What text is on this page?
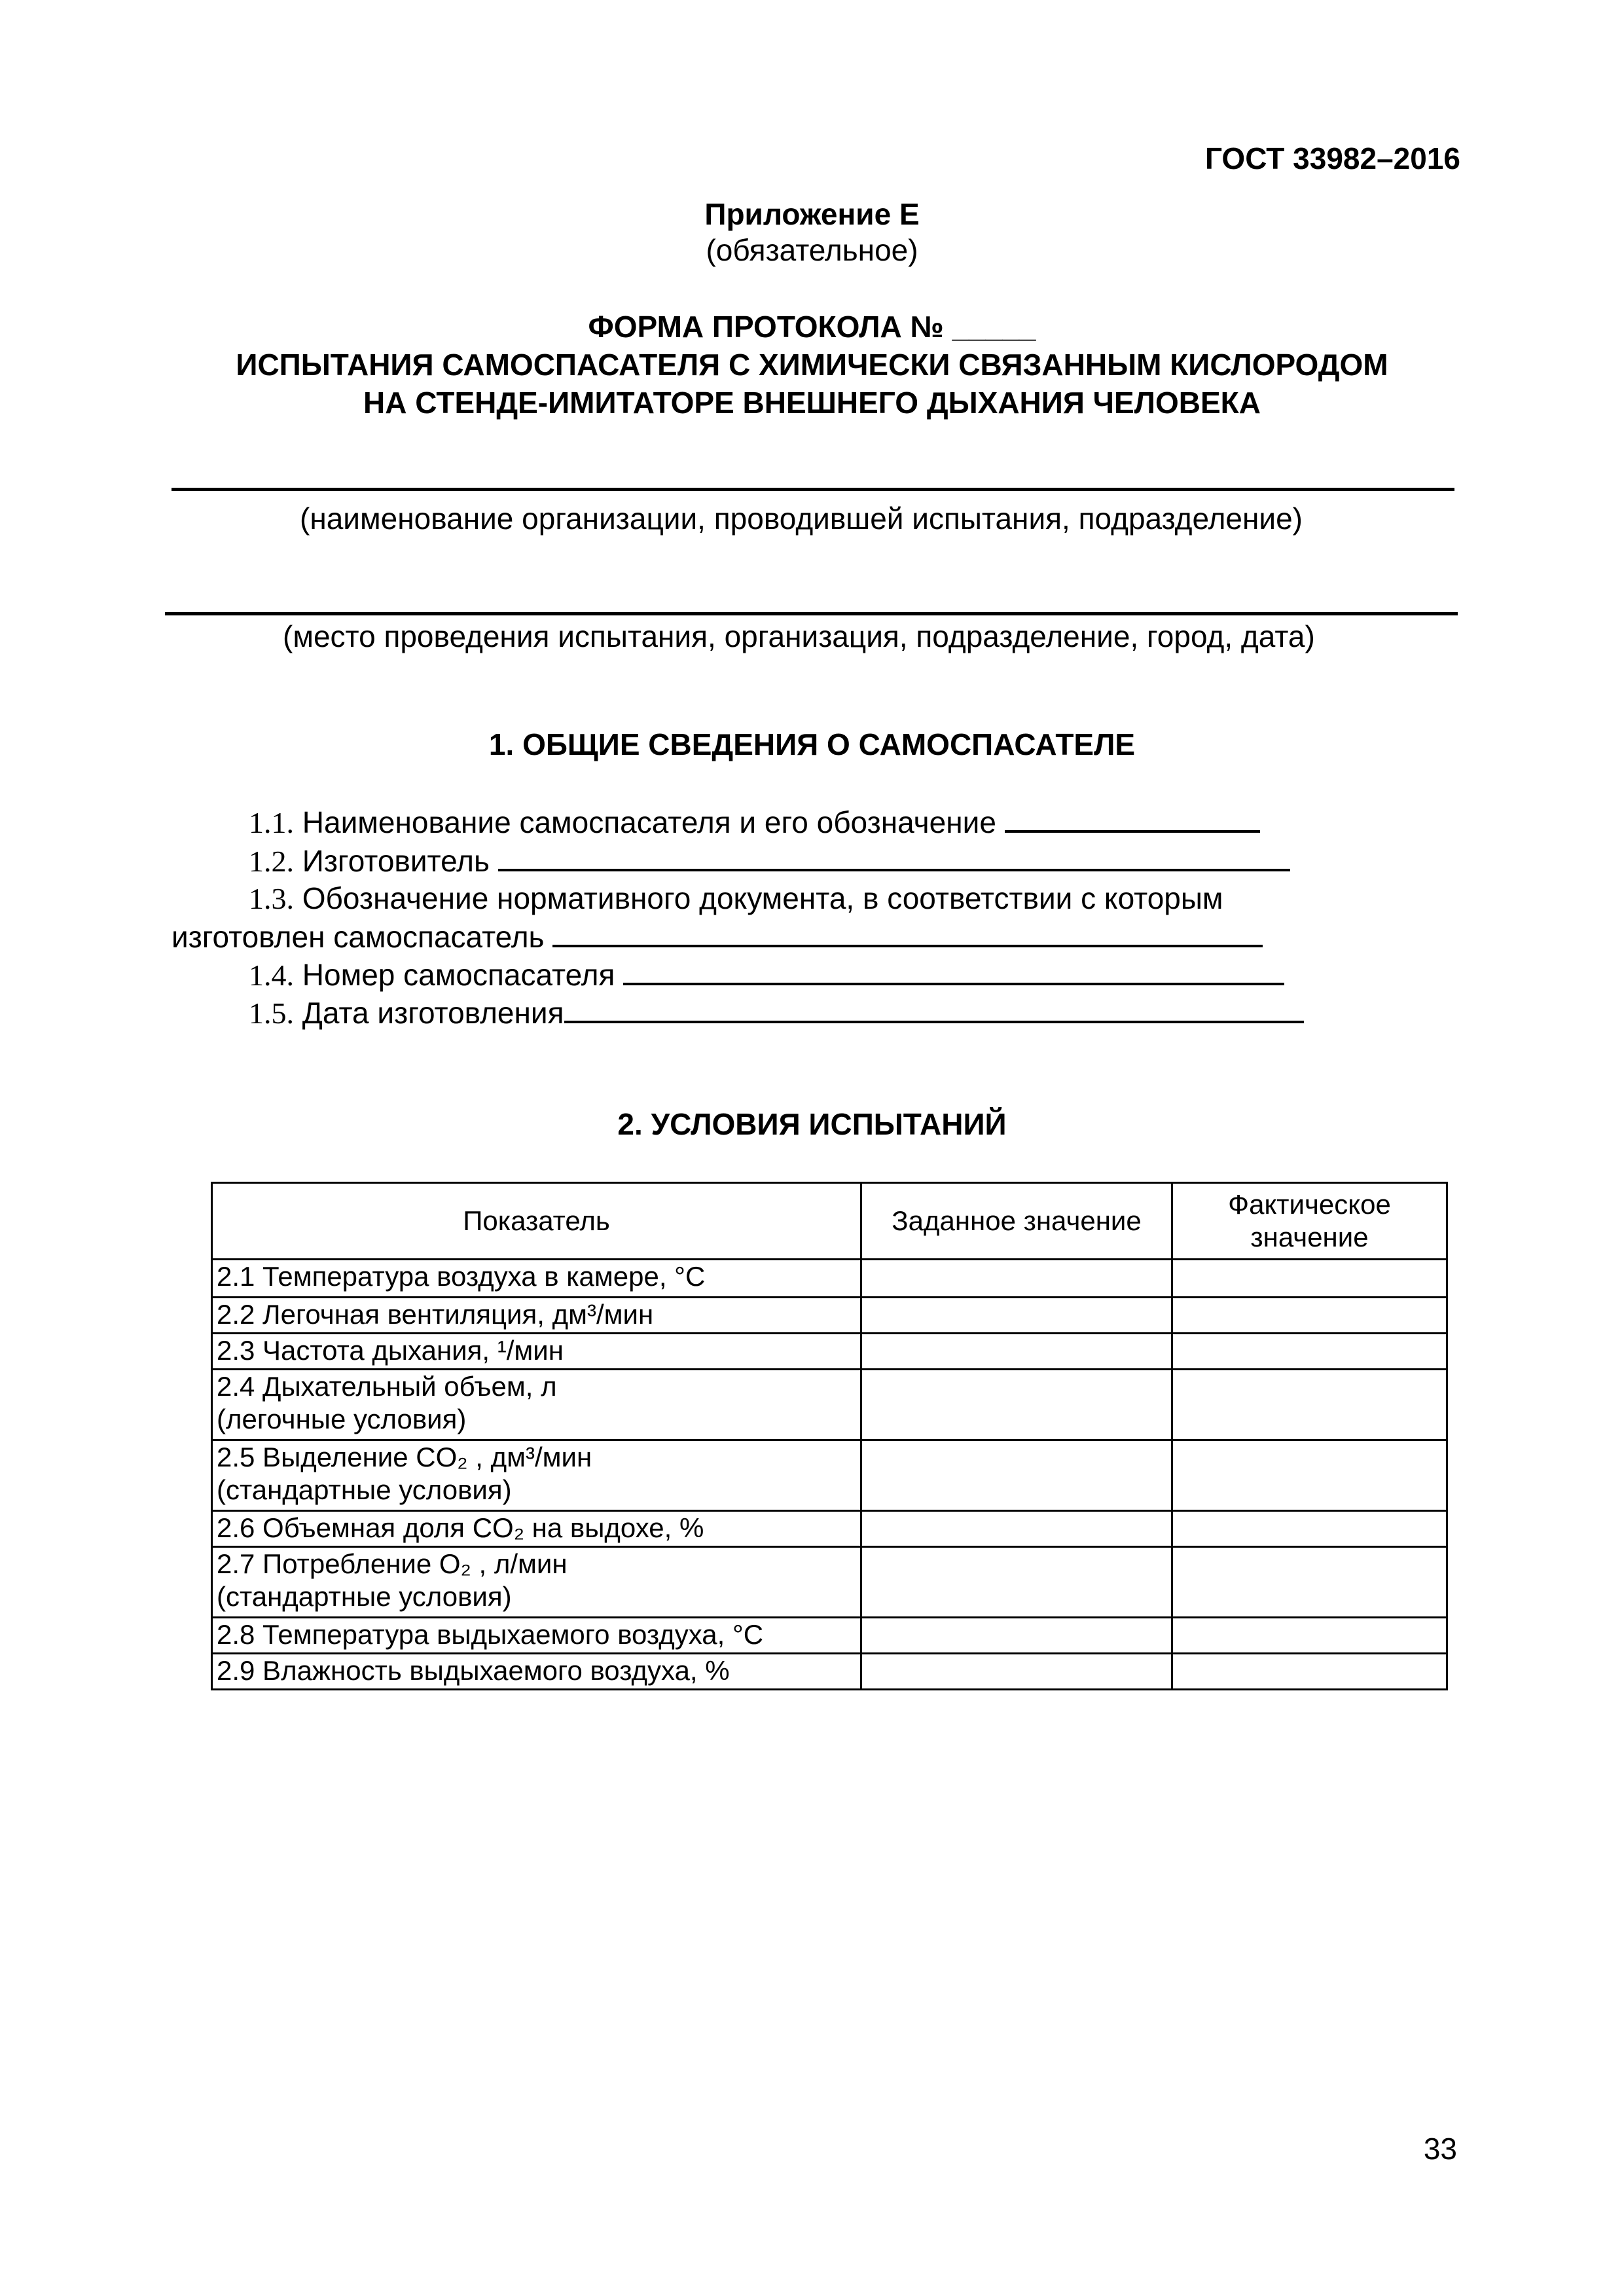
ГОСТ 33982–2016
Приложение Е
(обязательное)
ФОРМА ПРОТОКОЛА № _____
ИСПЫТАНИЯ САМОСПАСАТЕЛЯ С ХИМИЧЕСКИ СВЯЗАННЫМ КИСЛОРОДОМ
НА СТЕНДЕ-ИМИТАТОРЕ ВНЕШНЕГО ДЫХАНИЯ ЧЕЛОВЕКА
(наименование организации, проводившей испытания, подразделение)
(место проведения испытания, организация, подразделение, город, дата)
1. ОБЩИЕ СВЕДЕНИЯ О САМОСПАСАТЕЛЕ
1.1. Наименование самоспасателя и его обозначение
1.2. Изготовитель
1.3. Обозначение нормативного документа, в соответствии с которым
изготовлен самоспасатель
1.4. Номер самоспасателя
1.5. Дата изготовления
2. УСЛОВИЯ ИСПЫТАНИЙ
Показатель	Заданное значение	Фактическое значение
2.1 Температура воздуха в камере, °С		
2.2 Легочная вентиляция, дм³/мин		
2.3 Частота дыхания, ¹/мин		

2.4 Дыхательный объем, л
(легочные условия)		

2.5 Выделение CO₂ , дм³/мин
(стандартные условия)		

2.6 Объемная доля CO₂ на выдохе, %		

2.7 Потребление O₂ , л/мин
(стандартные условия)		

2.8 Температура выдыхаемого воздуха, °С		
2.9 Влажность выдыхаемого воздуха, %		
33
